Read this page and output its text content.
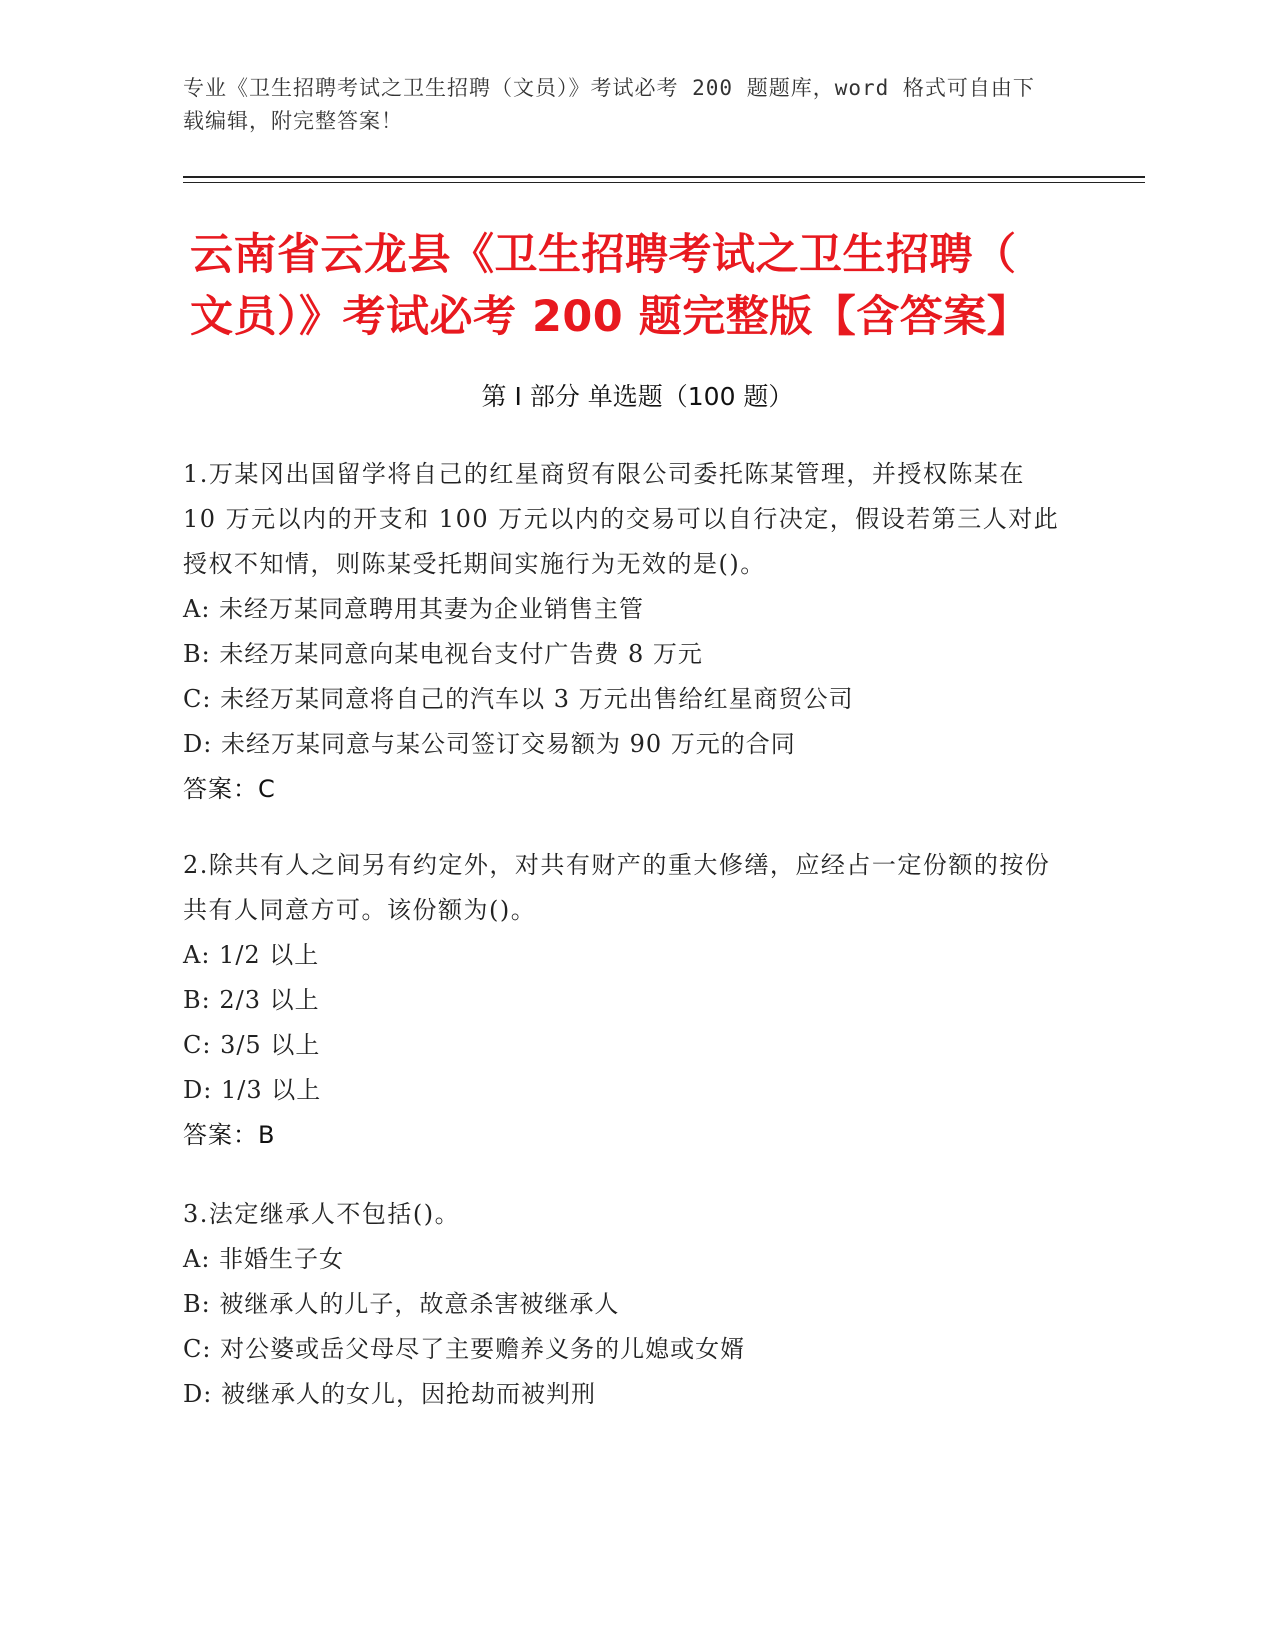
专业《卫生招聘考试之卫生招聘（文员）》考试必考 200 题题库，word 格式可自由下载编辑，附完整答案！
云南省云龙县《卫生招聘考试之卫生招聘（
文员）》考试必考 200 题完整版【含答案】
第 I 部分 单选题（100 题）

1.万某冈出国留学将自己的红星商贸有限公司委托陈某管理，并授权陈某在 10 万元以内的开支和 100 万元以内的交易可以自行决定，假设若第三人对此授权不知情，则陈某受托期间实施行为无效的是()。

A: 未经万某同意聘用其妻为企业销售主管

B: 未经万某同意向某电视台支付广告费 8 万元

C: 未经万某同意将自己的汽车以 3 万元出售给红星商贸公司

D: 未经万某同意与某公司签订交易额为 90 万元的合同

答案：C

2.除共有人之间另有约定外，对共有财产的重大修缮，应经占一定份额的按份共有人同意方可。该份额为()。

A: 1/2 以上

B: 2/3 以上

C: 3/5 以上

D: 1/3 以上

答案：B

3.法定继承人不包括()。

A: 非婚生子女

B: 被继承人的儿子，故意杀害被继承人

C: 对公婆或岳父母尽了主要赡养义务的儿媳或女婿

D: 被继承人的女儿，因抢劫而被判刑
